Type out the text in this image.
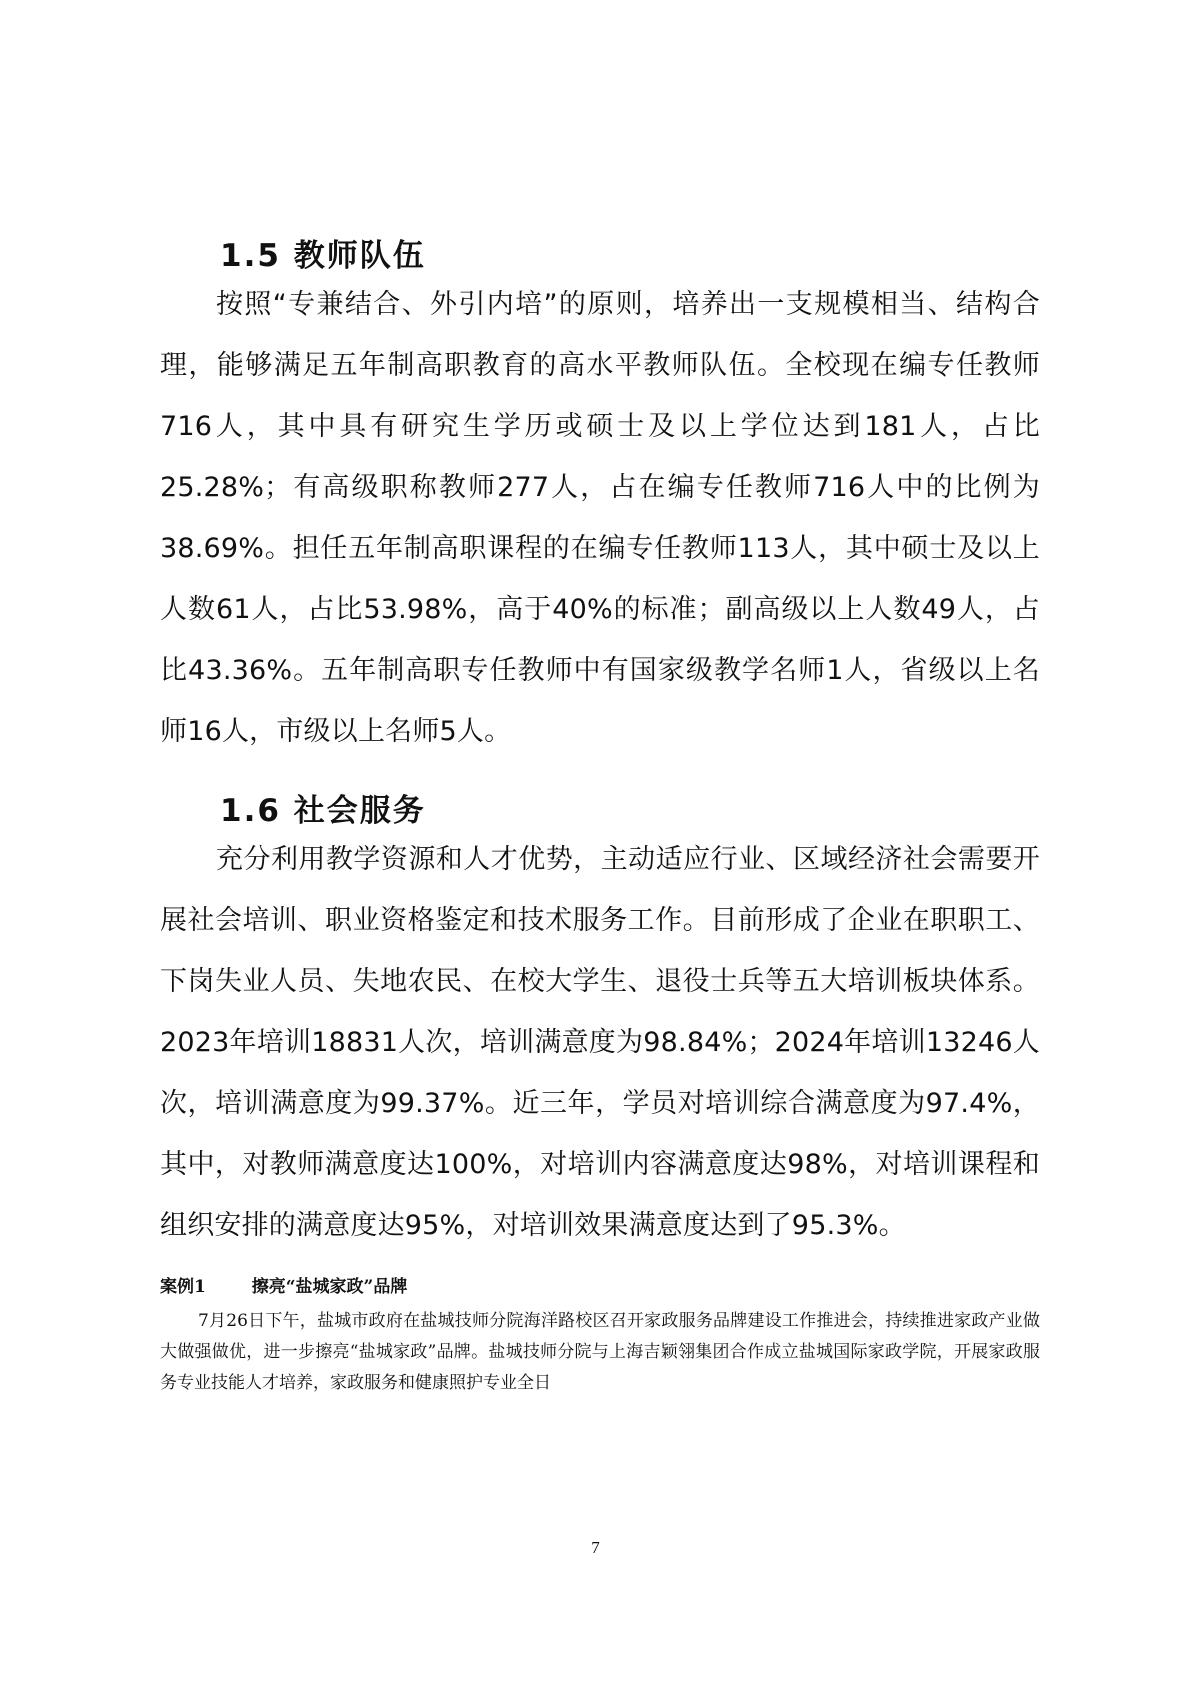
1.5 教师队伍
按照“专兼结合、外引内培”的原则，培养出一支规模相当、结构合理，能够满足五年制高职教育的高水平教师队伍。全校现在编专任教师716人，其中具有研究生学历或硕士及以上学位达到181人，占比25.28%；有高级职称教师277人，占在编专任教师716人中的比例为38.69%。担任五年制高职课程的在编专任教师113人，其中硕士及以上人数61人，占比53.98%，高于40%的标准；副高级以上人数49人，占比43.36%。五年制高职专任教师中有国家级教学名师1人，省级以上名师16人，市级以上名师5人。
1.6 社会服务
充分利用教学资源和人才优势，主动适应行业、区域经济社会需要开展社会培训、职业资格鉴定和技术服务工作。目前形成了企业在职职工、下岗失业人员、失地农民、在校大学生、退役士兵等五大培训板块体系。2023年培训18831人次，培训满意度为98.84%；2024年培训13246人次，培训满意度为99.37%。近三年，学员对培训综合满意度为97.4%，其中，对教师满意度达100%，对培训内容满意度达98%，对培训课程和组织安排的满意度达95%，对培训效果满意度达到了95.3%。
案例1	擦亮“盐城家政”品牌
7月26日下午，盐城市政府在盐城技师分院海洋路校区召开家政服务品牌建设工作推进会，持续推进家政产业做大做强做优，进一步擦亮“盐城家政”品牌。盐城技师分院与上海吉颖翎集团合作成立盐城国际家政学院，开展家政服务专业技能人才培养，家政服务和健康照护专业全日
7
